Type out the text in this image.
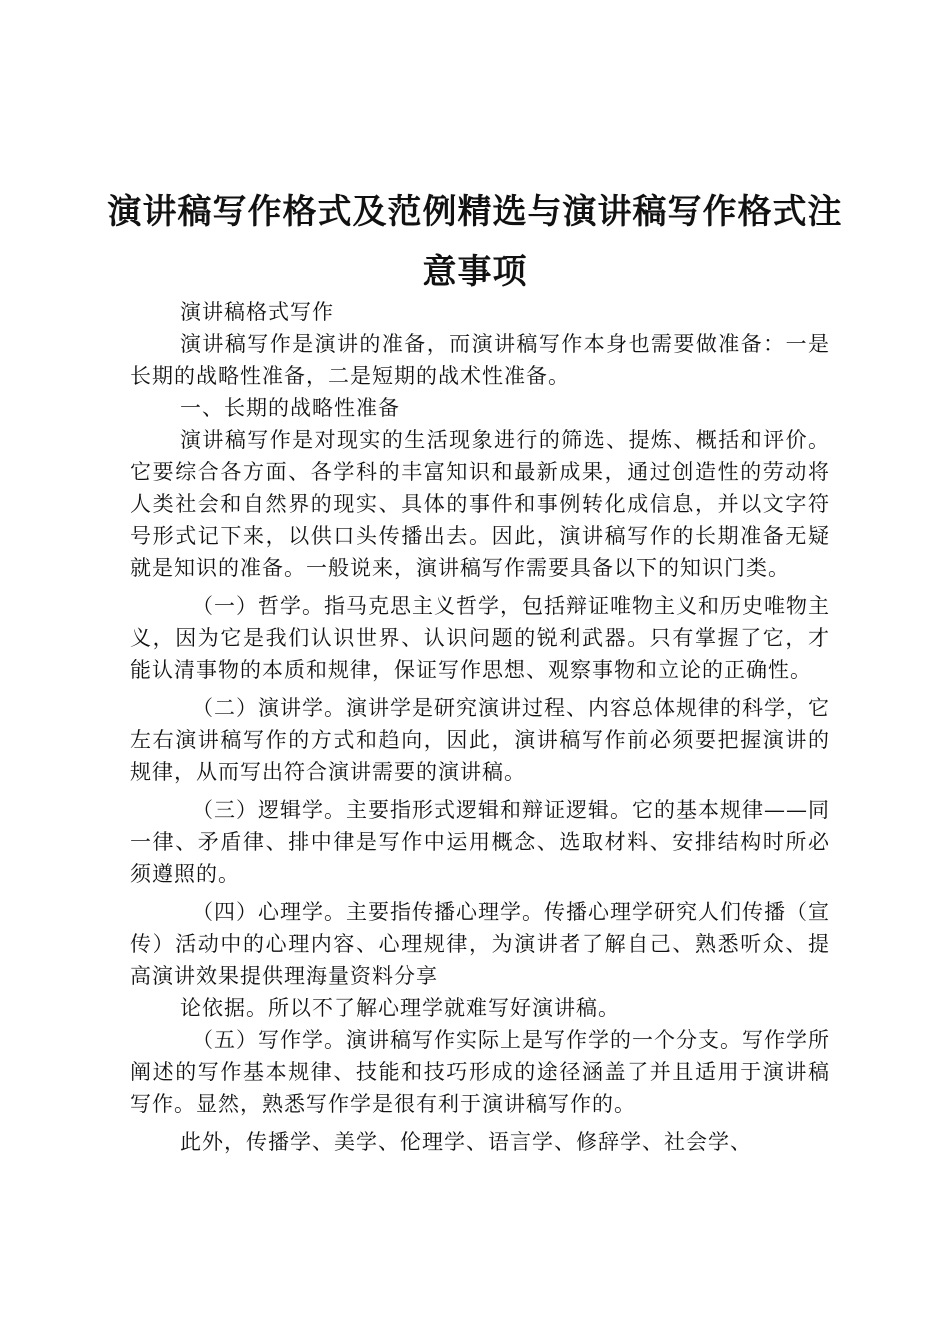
演讲稿写作格式及范例精选与演讲稿写作格式注意事项

演讲稿格式写作

演讲稿写作是演讲的准备，而演讲稿写作本身也需要做准备：一是长期的战略性准备，二是短期的战术性准备。

一、长期的战略性准备

演讲稿写作是对现实的生活现象进行的筛选、提炼、概括和评价。它要综合各方面、各学科的丰富知识和最新成果，通过创造性的劳动将人类社会和自然界的现实、具体的事件和事例转化成信息，并以文字符号形式记下来，以供口头传播出去。因此，演讲稿写作的长期准备无疑就是知识的准备。一般说来，演讲稿写作需要具备以下的知识门类。

（一）哲学。指马克思主义哲学，包括辩证唯物主义和历史唯物主义，因为它是我们认识世界、认识问题的锐利武器。只有掌握了它，才能认清事物的本质和规律，保证写作思想、观察事物和立论的正确性。

（二）演讲学。演讲学是研究演讲过程、内容总体规律的科学，它左右演讲稿写作的方式和趋向，因此，演讲稿写作前必须要把握演讲的规律，从而写出符合演讲需要的演讲稿。

（三）逻辑学。主要指形式逻辑和辩证逻辑。它的基本规律——同一律、矛盾律、排中律是写作中运用概念、选取材料、安排结构时所必须遵照的。

（四）心理学。主要指传播心理学。传播心理学研究人们传播（宣传）活动中的心理内容、心理规律，为演讲者了解自己、熟悉听众、提高演讲效果提供理海量资料分享

论依据。所以不了解心理学就难写好演讲稿。

（五）写作学。演讲稿写作实际上是写作学的一个分支。写作学所阐述的写作基本规律、技能和技巧形成的途径涵盖了并且适用于演讲稿写作。显然，熟悉写作学是很有利于演讲稿写作的。

此外，传播学、美学、伦理学、语言学、修辞学、社会学、
